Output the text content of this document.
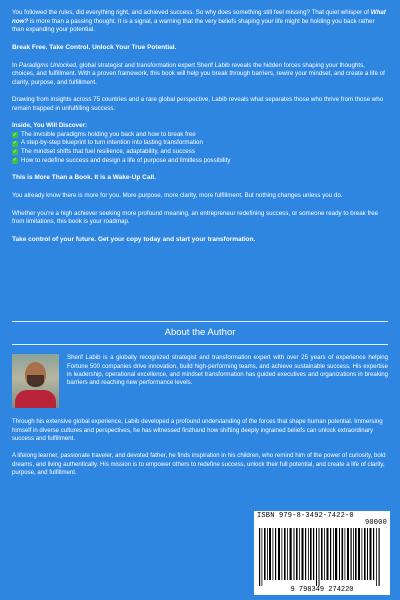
You followed the rules, did everything right, and achieved success. So why does something still feel missing? That quiet whisper of What now? is more than a passing thought. It is a signal, a warning that the very beliefs shaping your life might be holding you back rather than expanding your potential.

Break Free. Take Control. Unlock Your True Potential.

In Paradigms Unlocked, global strategist and transformation expert Sherif Labib reveals the hidden forces shaping your thoughts, choices, and fulfillment. With a proven framework, this book will help you break through barriers, rewire your mindset, and create a life of clarity, purpose, and fulfillment.

Drawing from insights across 75 countries and a rare global perspective, Labib reveals what separates those who thrive from those who remain trapped in unfulfilling success.

Inside, You Will Discover:

✓ The invisible paradigms holding you back and how to break free
✓ A step-by-step blueprint to turn intention into lasting transformation
✓ The mindset shifts that fuel resilience, adaptability, and success
✓ How to redefine success and design a life of purpose and limitless possibility

This is More Than a Book. It is a Wake-Up Call.

You already know there is more for you. More purpose, more clarity, more fulfillment. But nothing changes unless you do.

Whether you're a high achiever seeking more profound meaning, an entrepreneur redefining success, or someone ready to break free from limitations, this book is your roadmap.

Take control of your future. Get your copy today and start your transformation.

About the Author

Sherif Labib is a globally recognized strategist and transformation expert with over 25 years of experience helping Fortune 500 companies drive innovation, build high-performing teams, and achieve sustainable success. His expertise in leadership, operational excellence, and mindset transformation has guided executives and organizations in breaking barriers and reaching new performance levels.

Through his extensive global experience, Labib developed a profound understanding of the forces that shape human potential. Immersing himself in diverse cultures and perspectives, he has witnessed firsthand how shifting deeply ingrained beliefs can unlock extraordinary success and fulfillment.

A lifelong learner, passionate traveler, and devoted father, he finds inspiration in his children, who remind him of the power of curiosity, bold dreams, and living authentically. His mission is to empower others to redefine success, unlock their full potential, and create a life of clarity, purpose, and fulfillment.

ISBN 979-8-3492-7422-0
90000
9 798349 274220
